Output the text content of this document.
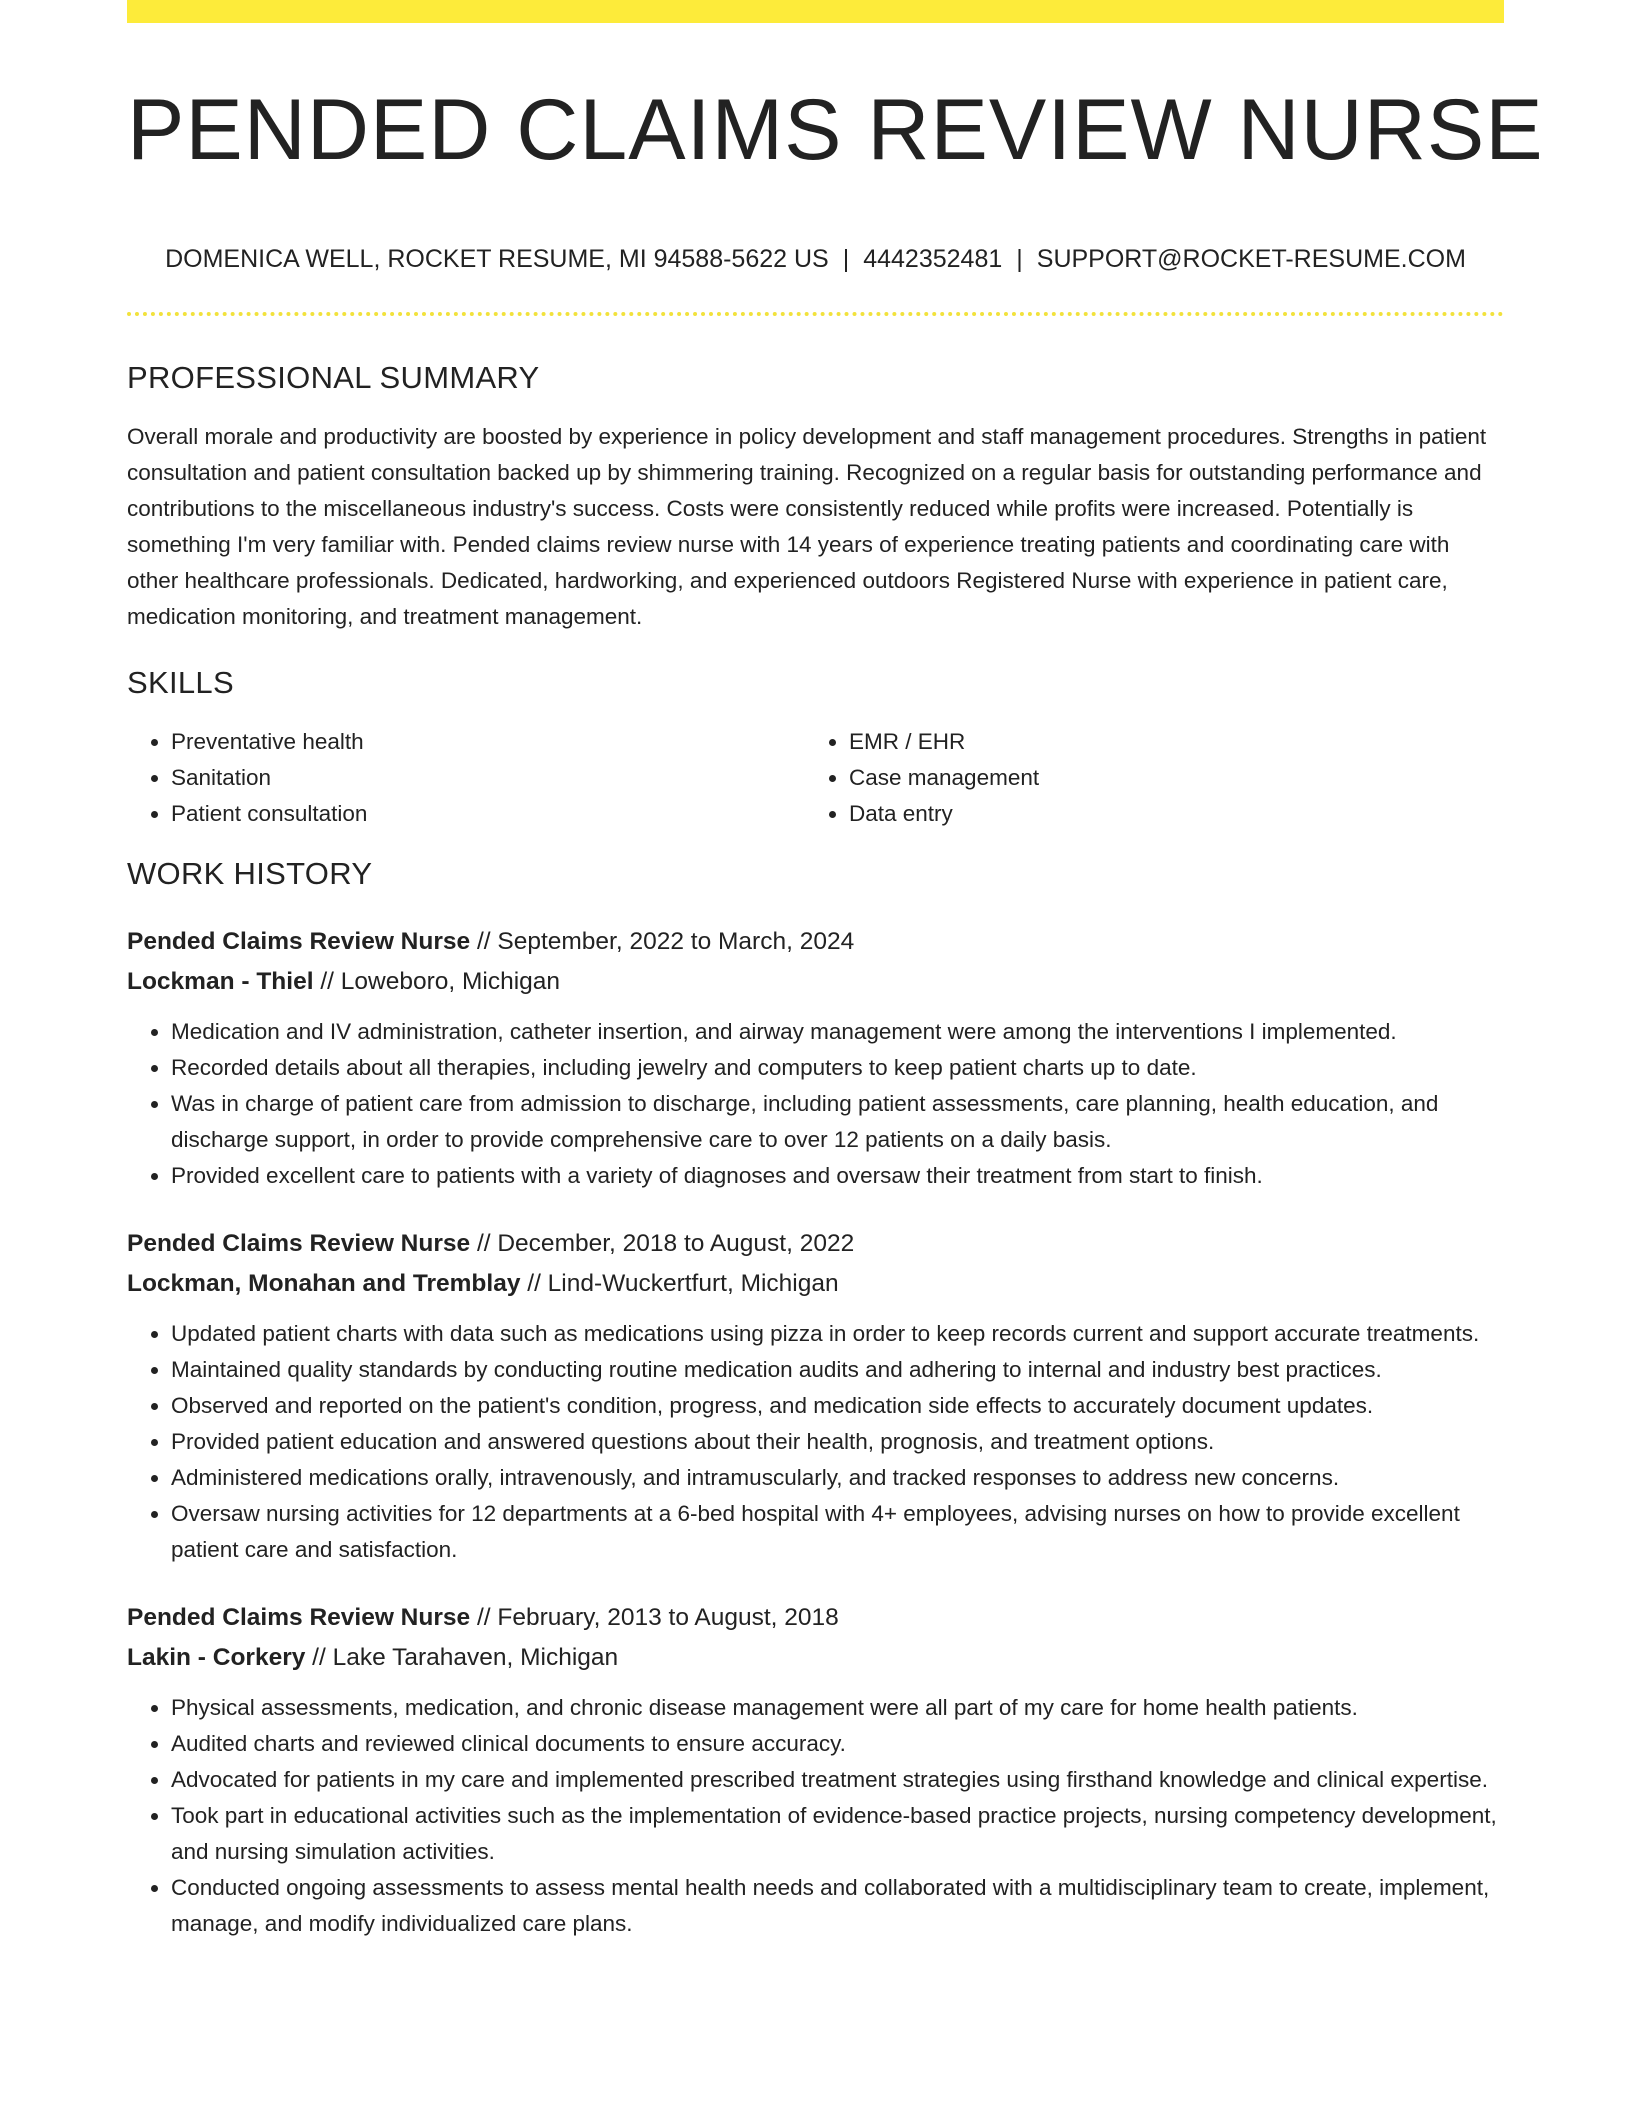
PENDED CLAIMS REVIEW NURSE
DOMENICA WELL, ROCKET RESUME, MI 94588-5622 US | 4442352481 | SUPPORT@ROCKET-RESUME.COM
PROFESSIONAL SUMMARY

Overall morale and productivity are boosted by experience in policy development and staff management procedures. Strengths in patient consultation and patient consultation backed up by shimmering training. Recognized on a regular basis for outstanding performance and contributions to the miscellaneous industry's success. Costs were consistently reduced while profits were increased. Potentially is something I'm very familiar with. Pended claims review nurse with 14 years of experience treating patients and coordinating care with other healthcare professionals. Dedicated, hardworking, and experienced outdoors Registered Nurse with experience in patient care, medication monitoring, and treatment management.

SKILLS
• Preventative health
• Sanitation
• Patient consultation
• EMR / EHR
• Case management
• Data entry
WORK HISTORY
Pended Claims Review Nurse // September, 2022 to March, 2024
Lockman - Thiel // Loweboro, Michigan
• Medication and IV administration, catheter insertion, and airway management were among the interventions I implemented.
• Recorded details about all therapies, including jewelry and computers to keep patient charts up to date.
• Was in charge of patient care from admission to discharge, including patient assessments, care planning, health education, and discharge support, in order to provide comprehensive care to over 12 patients on a daily basis.
• Provided excellent care to patients with a variety of diagnoses and oversaw their treatment from start to finish.
Pended Claims Review Nurse // December, 2018 to August, 2022
Lockman, Monahan and Tremblay // Lind-Wuckertfurt, Michigan
• Updated patient charts with data such as medications using pizza in order to keep records current and support accurate treatments.
• Maintained quality standards by conducting routine medication audits and adhering to internal and industry best practices.
• Observed and reported on the patient's condition, progress, and medication side effects to accurately document updates.
• Provided patient education and answered questions about their health, prognosis, and treatment options.
• Administered medications orally, intravenously, and intramuscularly, and tracked responses to address new concerns.
• Oversaw nursing activities for 12 departments at a 6-bed hospital with 4+ employees, advising nurses on how to provide excellent patient care and satisfaction.
Pended Claims Review Nurse // February, 2013 to August, 2018
Lakin - Corkery // Lake Tarahaven, Michigan
• Physical assessments, medication, and chronic disease management were all part of my care for home health patients.
• Audited charts and reviewed clinical documents to ensure accuracy.
• Advocated for patients in my care and implemented prescribed treatment strategies using firsthand knowledge and clinical expertise.
• Took part in educational activities such as the implementation of evidence-based practice projects, nursing competency development, and nursing simulation activities.
• Conducted ongoing assessments to assess mental health needs and collaborated with a multidisciplinary team to create, implement, manage, and modify individualized care plans.
